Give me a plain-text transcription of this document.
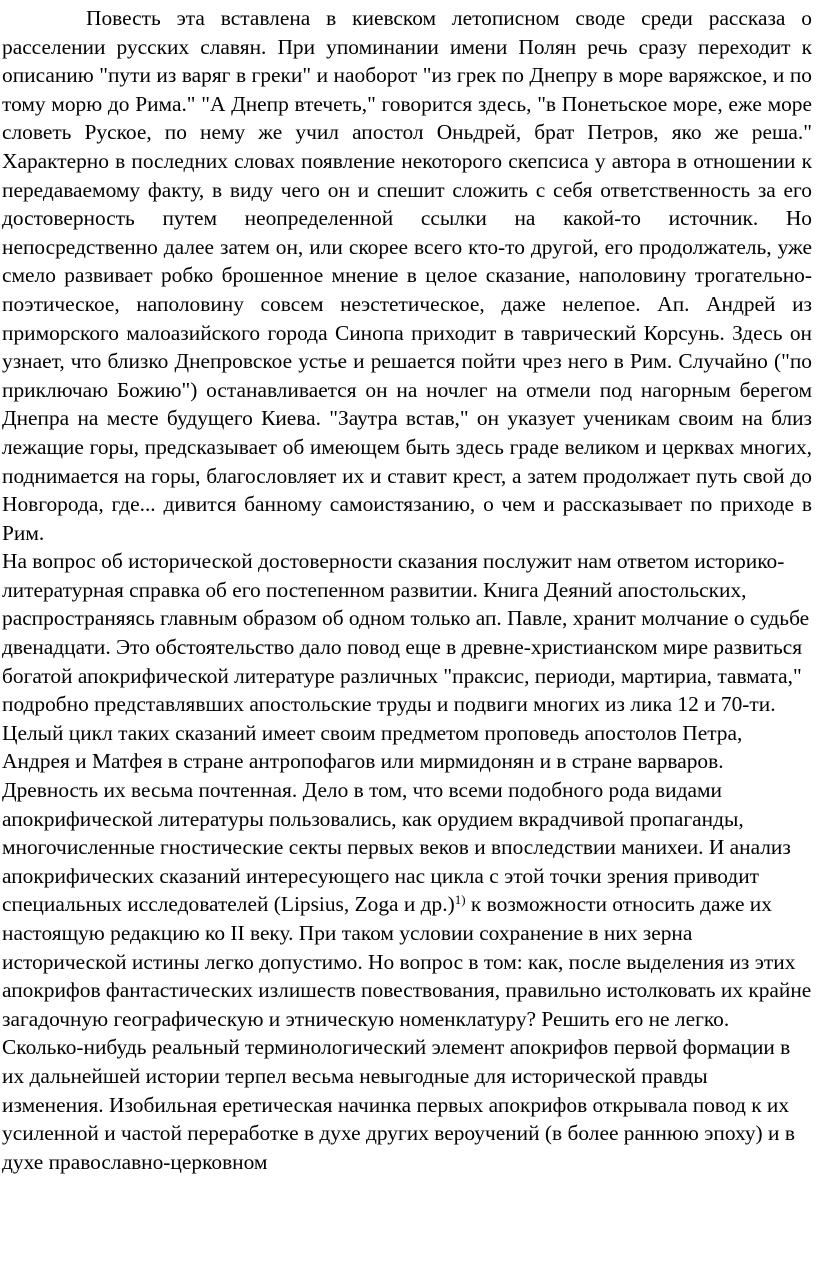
Повесть эта вставлена в киевском летописном своде среди рассказа о расселении русских славян. При упоминании имени Полян речь сразу переходит к описанию "пути из варяг в греки" и наоборот "из грек по Днепру в море варяжское, и по тому морю до Рима." "А Днепр втечеть," говорится здесь, "в Понетьское море, еже море словеть Руское, по нему же учил апостол Оньдрей, брат Петров, яко же реша." Характерно в последних словах появление некоторого скепсиса у автора в отношении к передаваемому факту, в виду чего он и спешит сложить с себя ответственность за его достоверность путем неопределенной ссылки на какой-то источник. Но непосредственно далее затем он, или скорее всего кто-то другой, его продолжатель, уже смело развивает робко брошенное мнение в целое сказание, наполовину трогательно-поэтическое, наполовину совсем неэстетическое, даже нелепое. Ап. Андрей из приморского малоазийского города Синопа приходит в таврический Корсунь. Здесь он узнает, что близко Днепровское устье и решается пойти чрез него в Рим. Случайно ("по приключаю Божию") останавливается он на ночлег на отмели под нагорным берегом Днепра на месте будущего Киева. "Заутра встав," он указует ученикам своим на близ лежащие горы, предсказывает об имеющем быть здесь граде великом и церквах многих, поднимается на горы, благословляет их и ставит крест, а затем продолжает путь свой до Новгорода, где... дивится банному самоистязанию, о чем и рассказывает по приходе в Рим.

На вопрос об исторической достоверности сказания послужит нам ответом историко-литературная справка об его постепенном развитии. Книга Деяний апостольских, распространяясь главным образом об одном только ап. Павле, хранит молчание о судьбе двенадцати. Это обстоятельство дало повод еще в древне-христианском мире развиться богатой апокрифической литературе различных "праксис, периоди, мартириа, тавмата," подробно представлявших апостольские труды и подвиги многих из лика 12 и 70-ти. Целый цикл таких сказаний имеет своим предметом проповедь апостолов Петра, Андрея и Матфея в стране антропофагов или мирмидонян и в стране варваров. Древность их весьма почтенная. Дело в том, что всеми подобного рода видами апокрифической литературы пользовались, как орудием вкрадчивой пропаганды, многочисленные гностические секты первых веков и впоследствии манихеи. И анализ апокрифических сказаний интересующего нас цикла с этой точки зрения приводит специальных исследователей (Lipsius, Zoga и др.)$^{1)}$ к возможности относить даже их настоящую редакцию ко II веку. При таком условии сохранение в них зерна исторической истины легко допустимо. Но вопрос в том: как, после выделения из этих апокрифов фантастических излишеств повествования, правильно истолковать их крайне загадочную географическую и этническую номенклатуру? Решить его не легко. Сколько-нибудь реальный терминологический элемент апокрифов первой формации в их дальнейшей истории терпел весьма невыгодные для исторической правды изменения. Изобильная еретическая начинка первых апокрифов открывала повод к их усиленной и частой переработке в духе других вероучений (в более раннюю эпоху) и в духе православно-церковном
